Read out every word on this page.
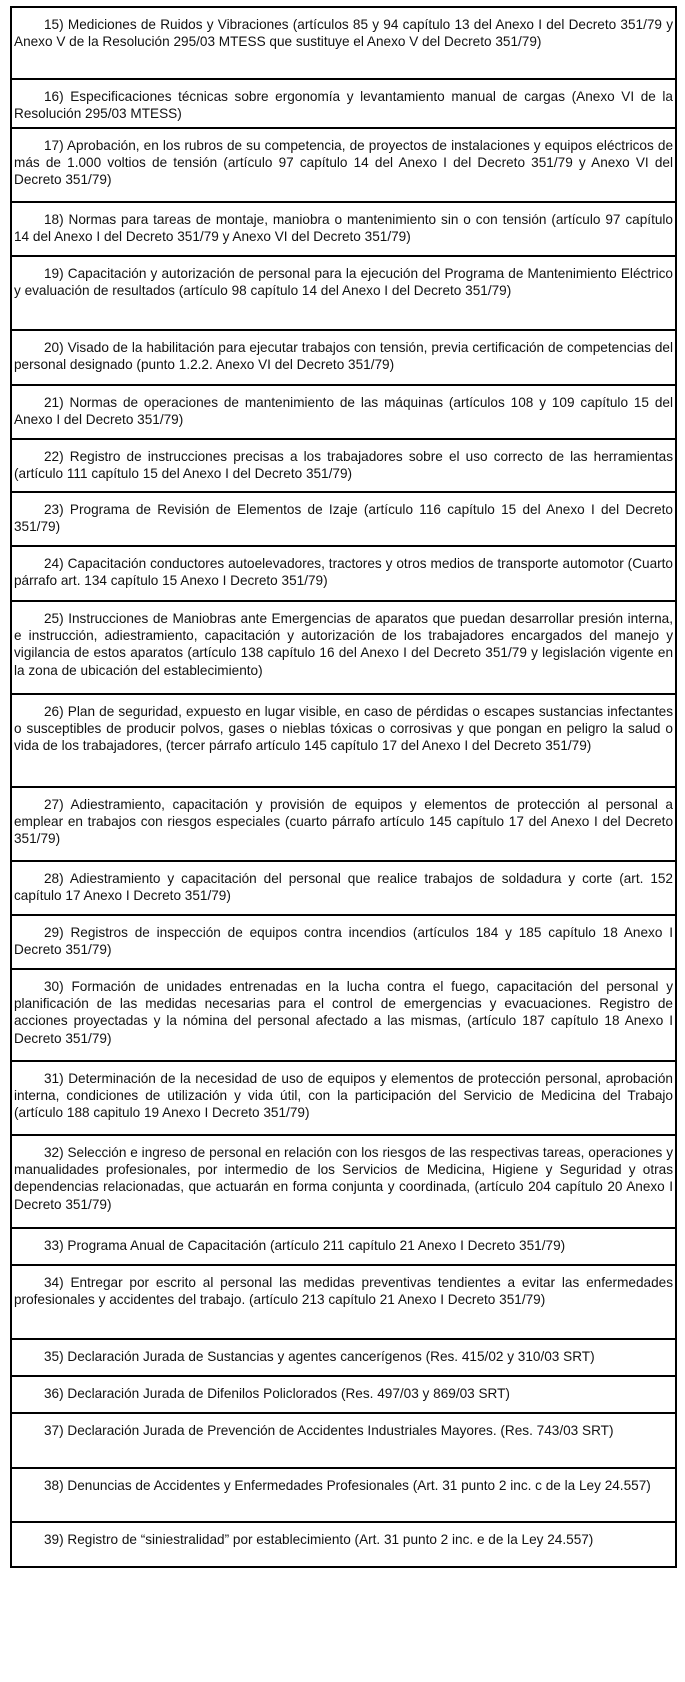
15) Mediciones de Ruidos y Vibraciones (artículos 85 y 94 capítulo 13 del Anexo I del Decreto 351/79 y Anexo V de la Resolución 295/03 MTESS que sustituye el Anexo V del Decreto 351/79)
16) Especificaciones técnicas sobre ergonomía y levantamiento manual de cargas (Anexo VI de la Resolución 295/03 MTESS)
17) Aprobación, en los rubros de su competencia, de proyectos de instalaciones y equipos eléctricos de más de 1.000 voltios de tensión (artículo 97 capítulo 14 del Anexo I del Decreto 351/79 y Anexo VI del Decreto 351/79)
18) Normas para tareas de montaje, maniobra o mantenimiento sin o con tensión (artículo 97 capítulo 14 del Anexo I del Decreto 351/79 y Anexo VI del Decreto 351/79)
19) Capacitación y autorización de personal para la ejecución del Programa de Mantenimiento Eléctrico y evaluación de resultados (artículo 98 capítulo 14 del Anexo I del Decreto 351/79)
20) Visado de la habilitación para ejecutar trabajos con tensión, previa certificación de competencias del personal designado (punto 1.2.2. Anexo VI del Decreto 351/79)
21) Normas de operaciones de mantenimiento de las máquinas (artículos 108 y 109 capítulo 15 del Anexo I del Decreto 351/79)
22) Registro de instrucciones precisas a los trabajadores sobre el uso correcto de las herramientas (artículo 111 capítulo 15 del Anexo I del Decreto 351/79)
23) Programa de Revisión de Elementos de Izaje (artículo 116 capítulo 15 del Anexo I del Decreto 351/79)
24) Capacitación conductores autoelevadores, tractores y otros medios de transporte automotor (Cuarto párrafo art. 134 capítulo 15 Anexo I Decreto 351/79)
25) Instrucciones de Maniobras ante Emergencias de aparatos que puedan desarrollar presión interna, e instrucción, adiestramiento, capacitación y autorización de los trabajadores encargados del manejo y vigilancia de estos aparatos (artículo 138 capítulo 16 del Anexo I del Decreto 351/79 y legislación vigente en la zona de ubicación del establecimiento)
26) Plan de seguridad, expuesto en lugar visible, en caso de pérdidas o escapes sustancias infectantes o susceptibles de producir polvos, gases o nieblas tóxicas o corrosivas y que pongan en peligro la salud o vida de los trabajadores, (tercer párrafo artículo 145 capítulo 17 del Anexo I del Decreto 351/79)
27) Adiestramiento, capacitación y provisión de equipos y elementos de protección al personal a emplear en trabajos con riesgos especiales (cuarto párrafo artículo 145 capítulo 17 del Anexo I del Decreto 351/79)
28) Adiestramiento y capacitación del personal que realice trabajos de soldadura y corte (art. 152 capítulo 17 Anexo I Decreto 351/79)
29) Registros de inspección de equipos contra incendios (artículos 184 y 185 capítulo 18 Anexo I Decreto 351/79)
30) Formación de unidades entrenadas en la lucha contra el fuego, capacitación del personal y planificación de las medidas necesarias para el control de emergencias y evacuaciones. Registro de acciones proyectadas y la nómina del personal afectado a las mismas, (artículo 187 capítulo 18 Anexo I Decreto 351/79)
31) Determinación de la necesidad de uso de equipos y elementos de protección personal, aprobación interna, condiciones de utilización y vida útil, con la participación del Servicio de Medicina del Trabajo (artículo 188 capitulo 19 Anexo I Decreto 351/79)
32) Selección e ingreso de personal en relación con los riesgos de las respectivas tareas, operaciones y manualidades profesionales, por intermedio de los Servicios de Medicina, Higiene y Seguridad y otras dependencias relacionadas, que actuarán en forma conjunta y coordinada, (artículo 204 capítulo 20 Anexo I Decreto 351/79)
33) Programa Anual de Capacitación (artículo 211 capítulo 21 Anexo I Decreto 351/79)
34) Entregar por escrito al personal las medidas preventivas tendientes a evitar las enfermedades profesionales y accidentes del trabajo. (artículo 213 capítulo 21 Anexo I Decreto 351/79)
35) Declaración Jurada de Sustancias y agentes cancerígenos (Res. 415/02 y 310/03 SRT)
36) Declaración Jurada de Difenilos Policlorados (Res. 497/03 y 869/03 SRT)
37) Declaración Jurada de Prevención de Accidentes Industriales Mayores. (Res. 743/03 SRT)
38) Denuncias de Accidentes y Enfermedades Profesionales (Art. 31 punto 2 inc. c de la Ley 24.557)
39) Registro de “siniestralidad” por establecimiento (Art. 31 punto 2 inc. e de la Ley 24.557)
